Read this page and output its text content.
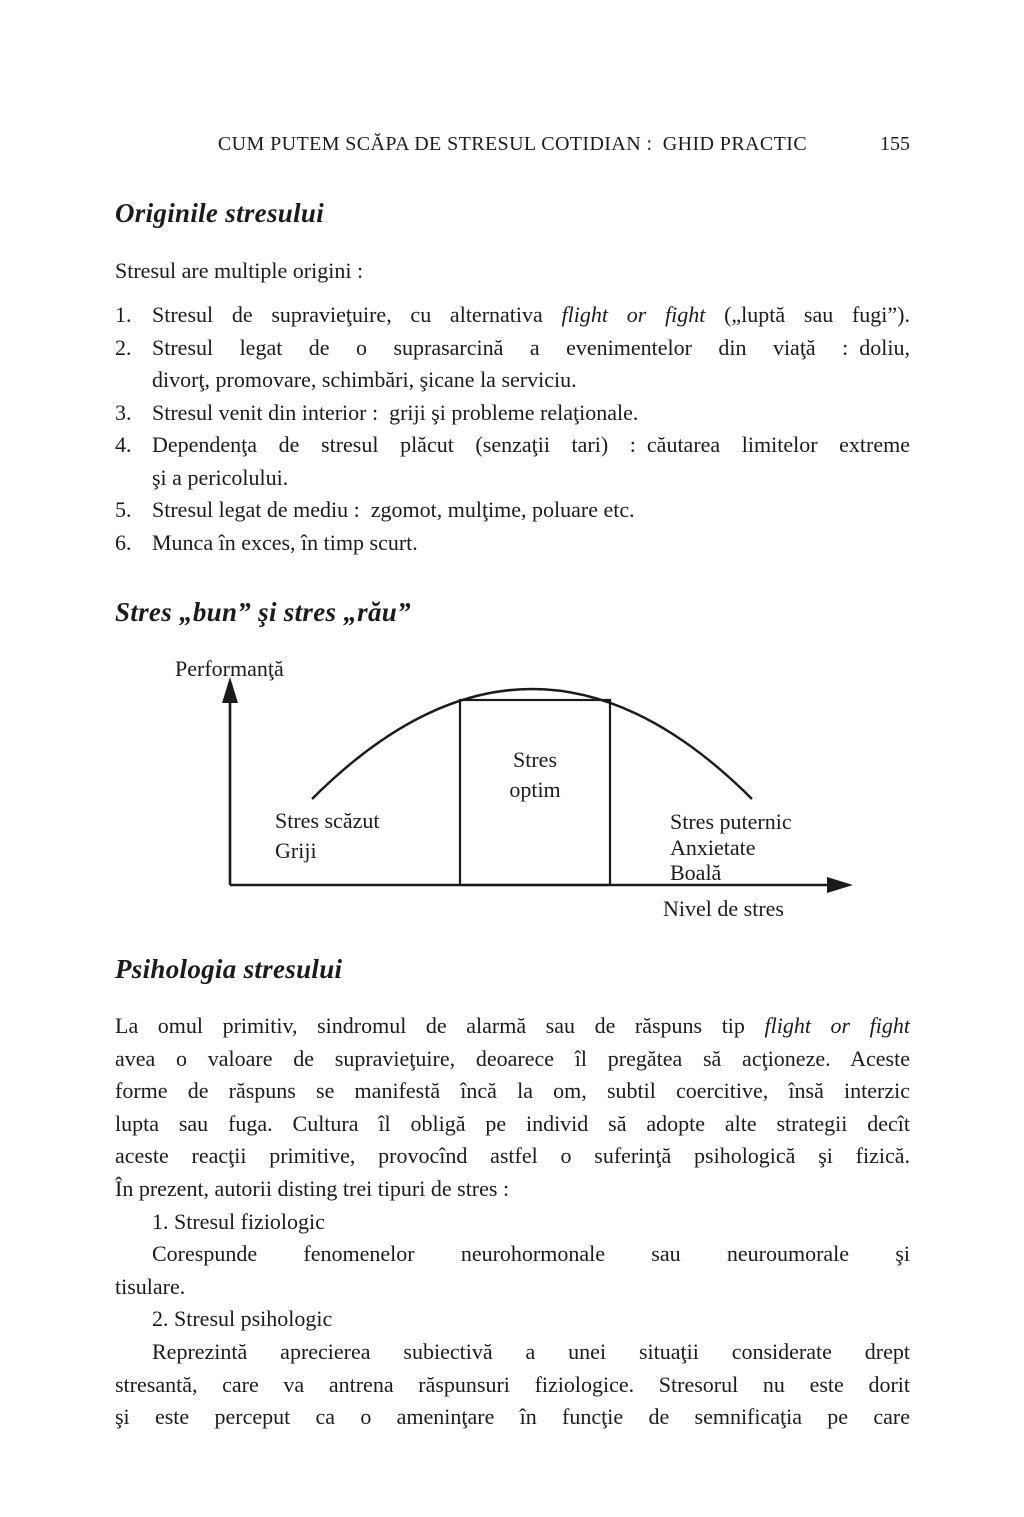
CUM PUTEM SCĂPA DE STRESUL COTIDIAN : GHID PRACTIC	155
Originile stresului
Stresul are multiple origini :
1. Stresul de supravieţuire, cu alternativa flight or fight („luptă sau fugi”).
2. Stresul legat de o suprasarcină a evenimentelor din viaţă : doliu,
divorţ, promovare, schimbări, şicane la serviciu.
3. Stresul venit din interior : griji şi probleme relaţionale.
4. Dependenţa de stresul plăcut (senzaţii tari) : căutarea limitelor extreme
şi a pericolului.
5. Stresul legat de mediu : zgomot, mulţime, poluare etc.
6. Munca în exces, în timp scurt.
Stres „bun” şi stres „rău”
Performanţă
Nivel de stres
Stres scăzut
Griji
Stres
optim
Stres puternic
Anxietate
Boală
Psihologia stresului
La omul primitiv, sindromul de alarmă sau de răspuns tip flight or fight
avea o valoare de supravieţuire, deoarece îl pregătea să acţioneze. Aceste
forme de răspuns se manifestă încă la om, subtil coercitive, însă interzic
lupta sau fuga. Cultura îl obligă pe individ să adopte alte strategii decît
aceste reacţii primitive, provocînd astfel o suferinţă psihologică şi fizică.
În prezent, autorii disting trei tipuri de stres :
1. Stresul fiziologic
Corespunde fenomenelor neurohormonale sau neuroumorale şi
tisulare.
2. Stresul psihologic
Reprezintă aprecierea subiectivă a unei situaţii considerate drept
stresantă, care va antrena răspunsuri fiziologice. Stresorul nu este dorit
şi este perceput ca o ameninţare în funcţie de semnificaţia pe care
